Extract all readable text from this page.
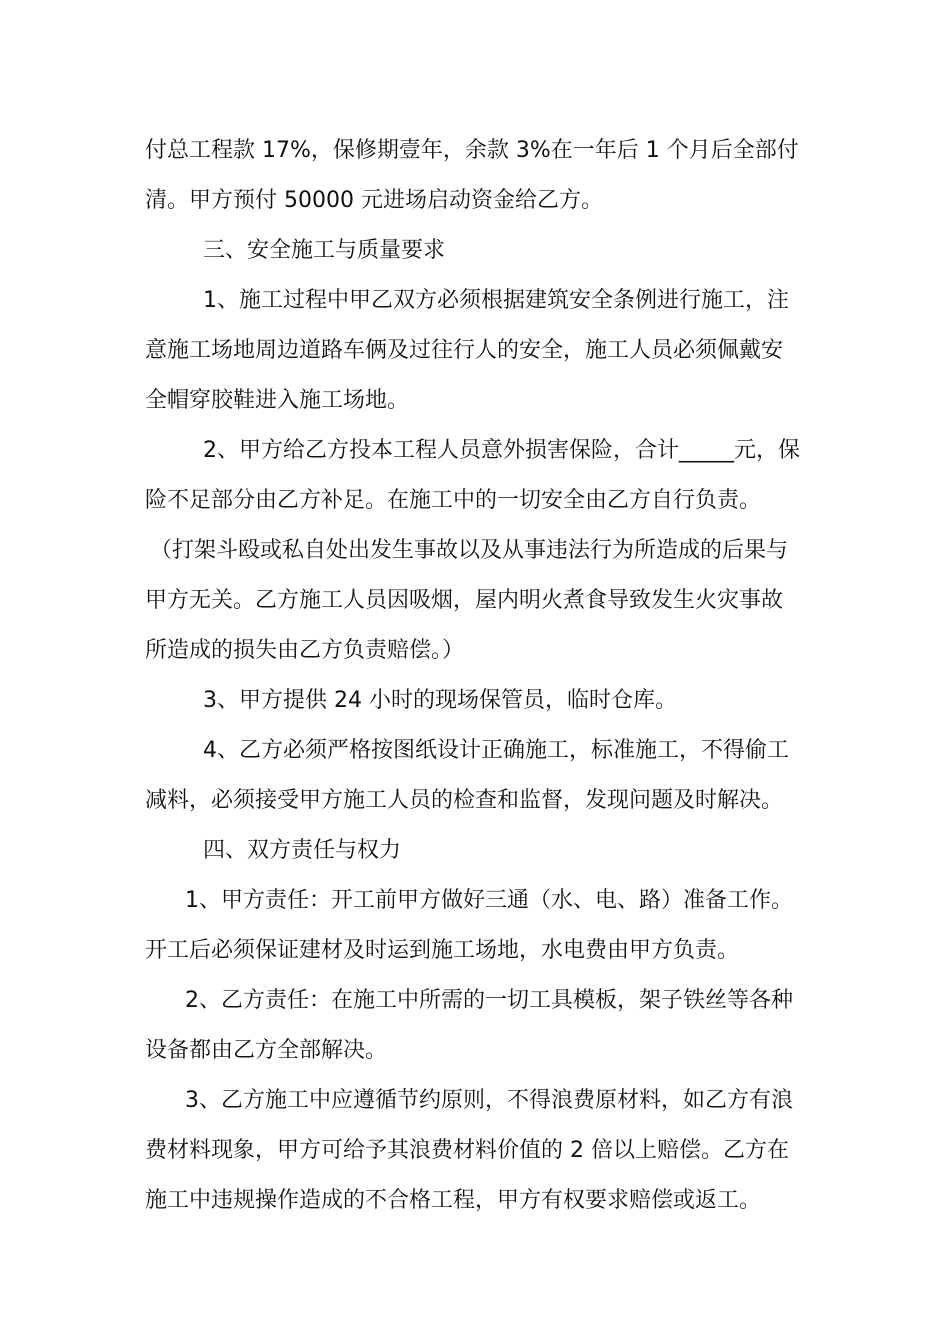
付总工程款 17%，保修期壹年，余款 3%在一年后 1 个月后全部付
清。甲方预付 50000 元进场启动资金给乙方。
三、安全施工与质量要求
1、施工过程中甲乙双方必须根据建筑安全条例进行施工，注
意施工场地周边道路车俩及过往行人的安全，施工人员必须佩戴安
全帽穿胶鞋进入施工场地。
2、甲方给乙方投本工程人员意外损害保险，合计_____元，保
险不足部分由乙方补足。在施工中的一切安全由乙方自行负责。
（打架斗殴或私自处出发生事故以及从事违法行为所造成的后果与
甲方无关。乙方施工人员因吸烟，屋内明火煮食导致发生火灾事故
所造成的损失由乙方负责赔偿。）
3、甲方提供 24 小时的现场保管员，临时仓库。
4、乙方必须严格按图纸设计正确施工，标准施工，不得偷工
减料，必须接受甲方施工人员的检查和监督，发现问题及时解决。
四、双方责任与权力
1、甲方责任：开工前甲方做好三通（水、电、路）准备工作。
开工后必须保证建材及时运到施工场地，水电费由甲方负责。
2、乙方责任：在施工中所需的一切工具模板，架子铁丝等各种
设备都由乙方全部解决。
3、乙方施工中应遵循节约原则，不得浪费原材料，如乙方有浪
费材料现象，甲方可给予其浪费材料价值的 2 倍以上赔偿。乙方在
施工中违规操作造成的不合格工程，甲方有权要求赔偿或返工。
